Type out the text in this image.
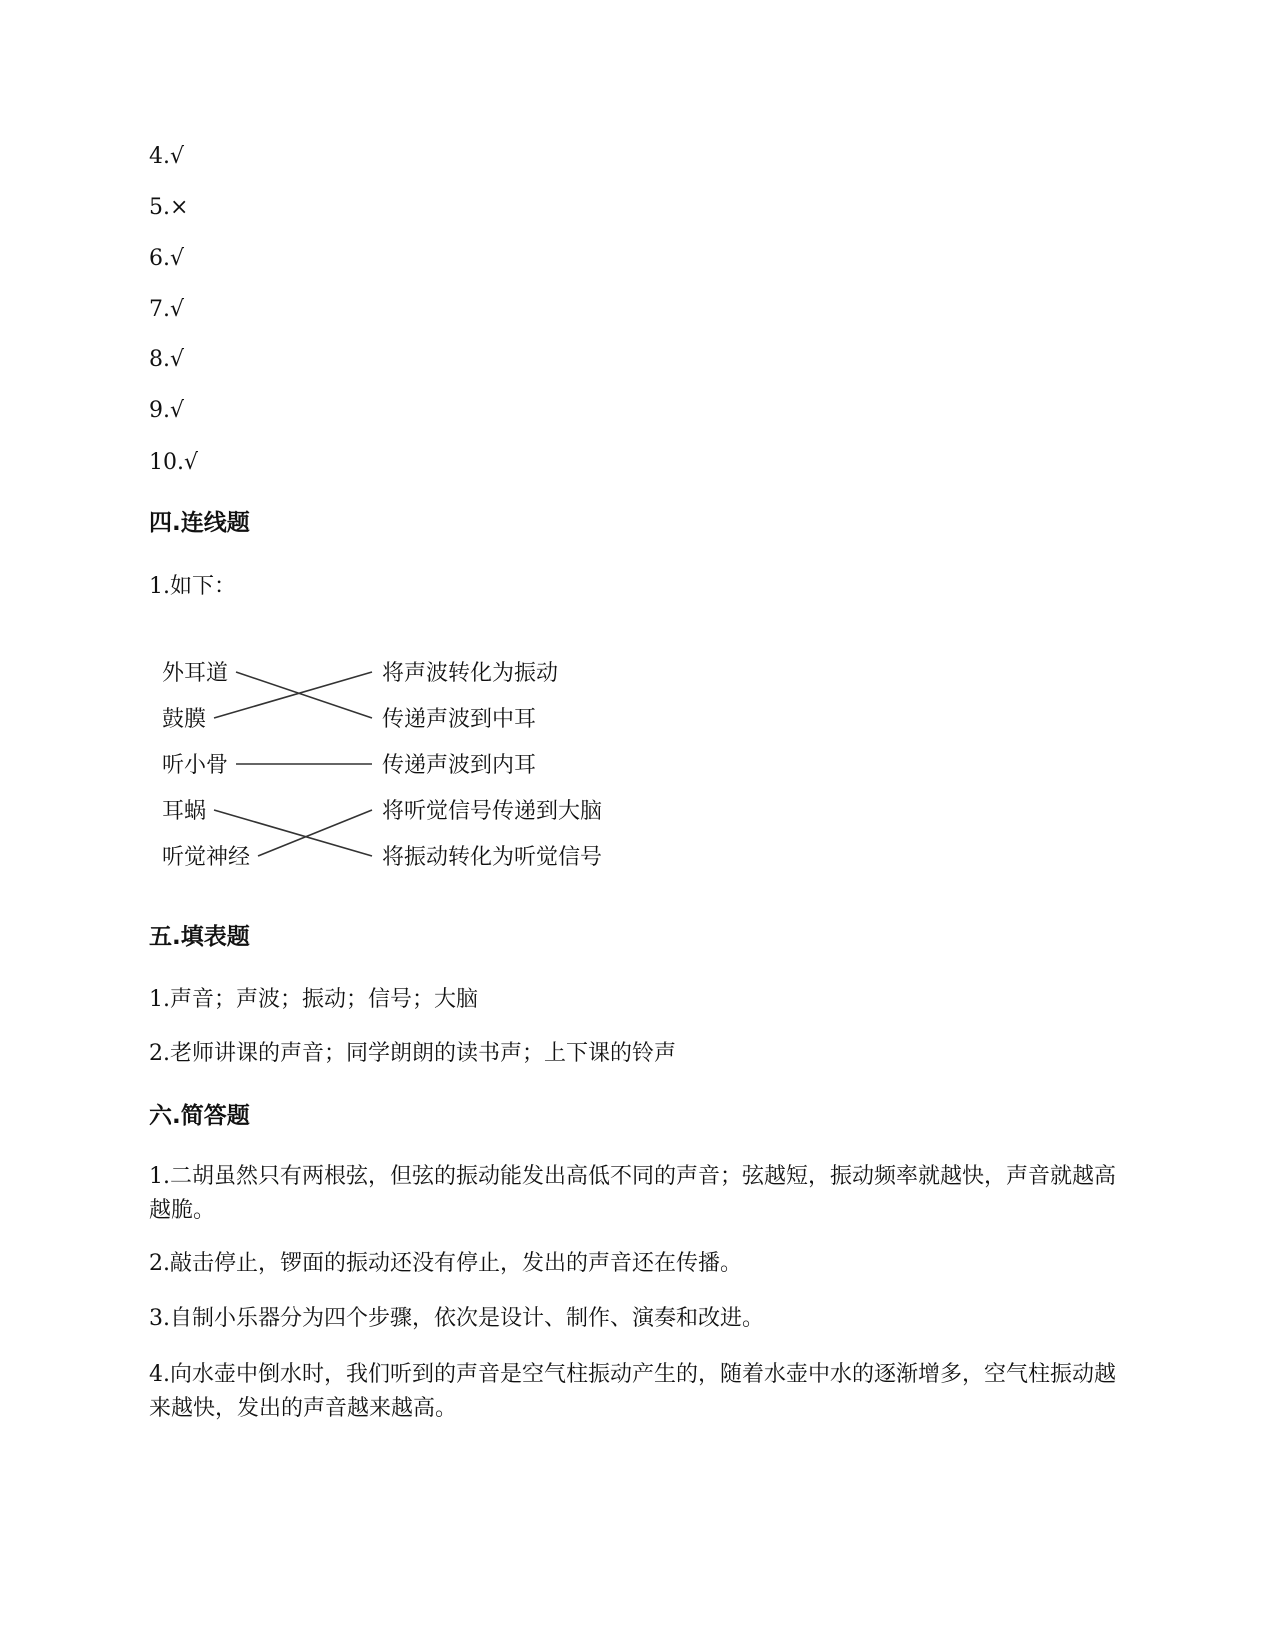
4.√
5.×
6.√
7.√
8.√
9.√
10.√
四.连线题
1.如下：
外耳道
鼓膜
听小骨
耳蜗
听觉神经
将声波转化为振动
传递声波到中耳
传递声波到内耳
将听觉信号传递到大脑
将振动转化为听觉信号
五.填表题
1.声音；声波；振动；信号；大脑
2.老师讲课的声音；同学朗朗的读书声；上下课的铃声
六.简答题
1.二胡虽然只有两根弦，但弦的振动能发出高低不同的声音；弦越短，振动频率就越快，声音就越高越脆。
2.敲击停止，锣面的振动还没有停止，发出的声音还在传播。
3.自制小乐器分为四个步骤，依次是设计、制作、演奏和改进。
4.向水壶中倒水时，我们听到的声音是空气柱振动产生的，随着水壶中水的逐渐增多，空气柱振动越来越快，发出的声音越来越高。
